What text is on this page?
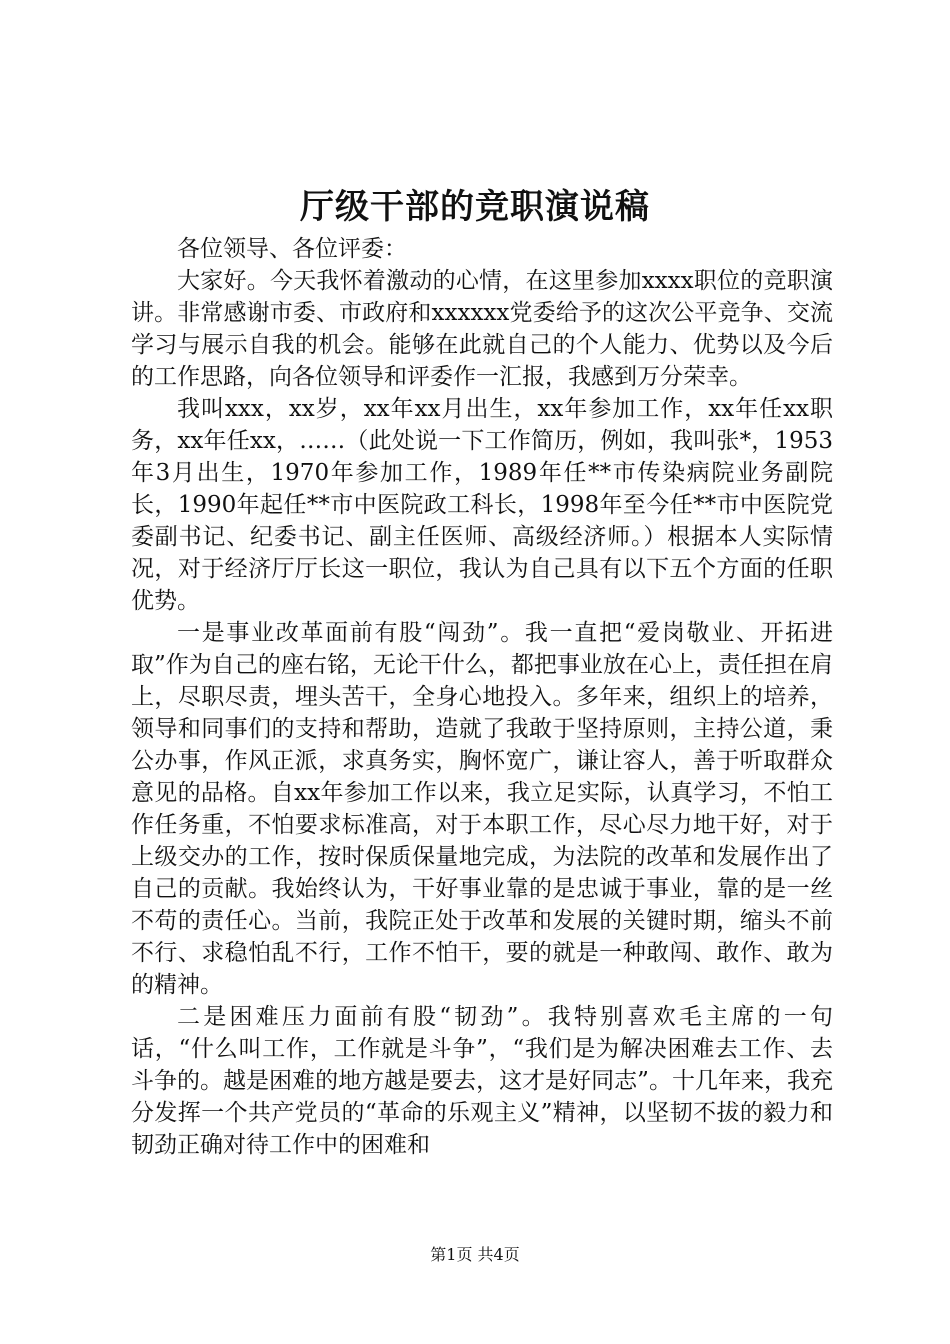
厅级干部的竞职演说稿

各位领导、各位评委：

大家好。今天我怀着激动的心情，在这里参加xxxx职位的竞职演讲。非常感谢市委、市政府和xxxxxx党委给予的这次公平竞争、交流学习与展示自我的机会。能够在此就自己的个人能力、优势以及今后的工作思路，向各位领导和评委作一汇报，我感到万分荣幸。

我叫xxx，xx岁，xx年xx月出生，xx年参加工作，xx年任xx职务，xx年任xx，……（此处说一下工作简历，例如，我叫张*，1953年3月出生，1970年参加工作，1989年任**市传染病院业务副院长，1990年起任**市中医院政工科长，1998年至今任**市中医院党委副书记、纪委书记、副主任医师、高级经济师。）根据本人实际情况，对于经济厅厅长这一职位，我认为自己具有以下五个方面的任职优势。

一是事业改革面前有股“闯劲”。我一直把“爱岗敬业、开拓进取”作为自己的座右铭，无论干什么，都把事业放在心上，责任担在肩上，尽职尽责，埋头苦干，全身心地投入。多年来，组织上的培养，领导和同事们的支持和帮助，造就了我敢于坚持原则，主持公道，秉公办事，作风正派，求真务实，胸怀宽广，谦让容人，善于听取群众意见的品格。自xx年参加工作以来，我立足实际，认真学习，不怕工作任务重，不怕要求标准高，对于本职工作，尽心尽力地干好，对于上级交办的工作，按时保质保量地完成，为法院的改革和发展作出了自己的贡献。我始终认为，干好事业靠的是忠诚于事业，靠的是一丝不苟的责任心。当前，我院正处于改革和发展的关键时期，缩头不前不行、求稳怕乱不行，工作不怕干，要的就是一种敢闯、敢作、敢为的精神。

二是困难压力面前有股“韧劲”。我特别喜欢毛主席的一句话，“什么叫工作，工作就是斗争”，“我们是为解决困难去工作、去斗争的。越是困难的地方越是要去，这才是好同志”。十几年来，我充分发挥一个共产党员的“革命的乐观主义”精神，以坚韧不拔的毅力和韧劲正确对待工作中的困难和

第1页 共4页
